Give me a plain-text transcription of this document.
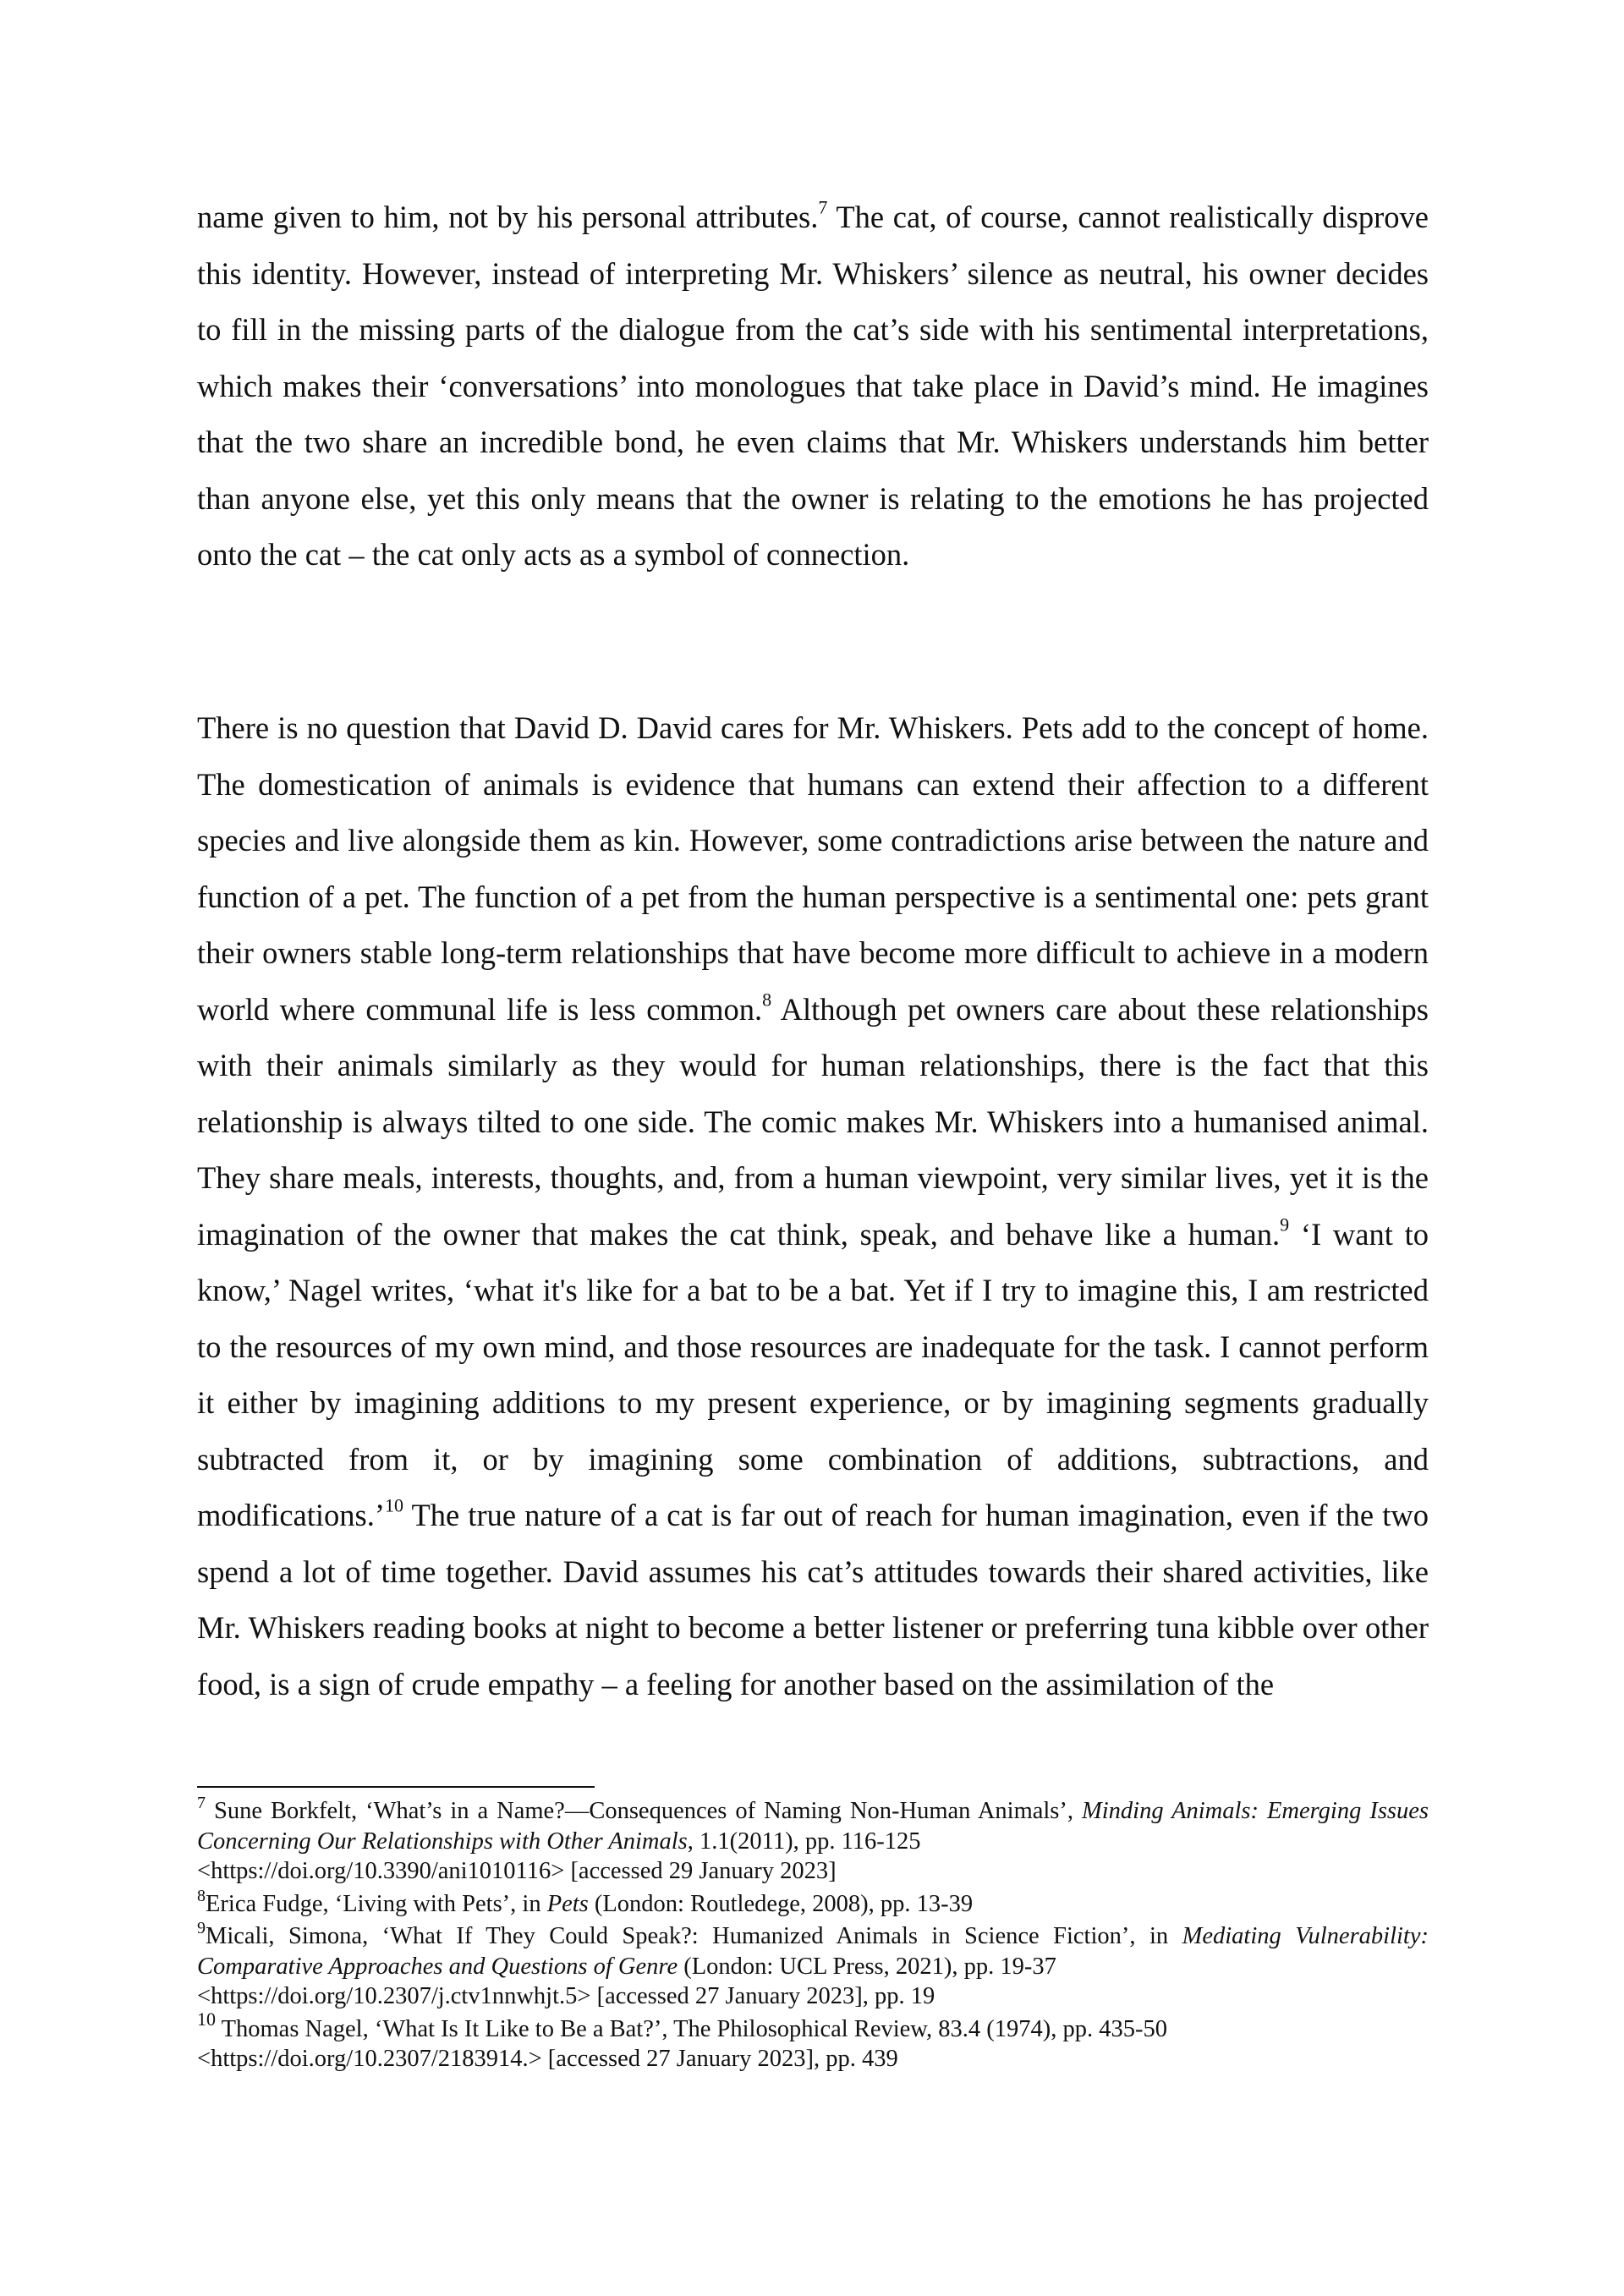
name given to him, not by his personal attributes.$^7$ The cat, of course, cannot realistically disprove this identity. However, instead of interpreting Mr. Whiskers’ silence as neutral, his owner decides to fill in the missing parts of the dialogue from the cat’s side with his sentimental interpretations, which makes their ‘conversations’ into monologues that take place in David’s mind. He imagines that the two share an incredible bond, he even claims that Mr. Whiskers understands him better than anyone else, yet this only means that the owner is relating to the emotions he has projected onto the cat – the cat only acts as a symbol of connection.

There is no question that David D. David cares for Mr. Whiskers. Pets add to the concept of home. The domestication of animals is evidence that humans can extend their affection to a different species and live alongside them as kin. However, some contradictions arise between the nature and function of a pet. The function of a pet from the human perspective is a sentimental one: pets grant their owners stable long-term relationships that have become more difficult to achieve in a modern world where communal life is less common.$^8$ Although pet owners care about these relationships with their animals similarly as they would for human relationships, there is the fact that this relationship is always tilted to one side. The comic makes Mr. Whiskers into a humanised animal. They share meals, interests, thoughts, and, from a human viewpoint, very similar lives, yet it is the imagination of the owner that makes the cat think, speak, and behave like a human.$^9$ ‘I want to know,’ Nagel writes, ‘what it's like for a bat to be a bat. Yet if I try to imagine this, I am restricted to the resources of my own mind, and those resources are inadequate for the task. I cannot perform it either by imagining additions to my present experience, or by imagining segments gradually subtracted from it, or by imagining some combination of additions, subtractions, and modifications.’$^{10}$ The true nature of a cat is far out of reach for human imagination, even if the two spend a lot of time together. David assumes his cat’s attitudes towards their shared activities, like Mr. Whiskers reading books at night to become a better listener or preferring tuna kibble over other food, is a sign of crude empathy – a feeling for another based on the assimilation of the

$^7$ Sune Borkfelt, ‘What’s in a Name?—Consequences of Naming Non-Human Animals’, Minding Animals: Emerging Issues Concerning Our Relationships with Other Animals, 1.1(2011), pp. 116-125
<https://doi.org/10.3390/ani1010116> [accessed 29 January 2023]

$^8$Erica Fudge, ‘Living with Pets’, in Pets (London: Routledege, 2008), pp. 13-39

$^9$Micali, Simona, ‘What If They Could Speak?: Humanized Animals in Science Fiction’, in Mediating Vulnerability: Comparative Approaches and Questions of Genre (London: UCL Press, 2021), pp. 19-37
<https://doi.org/10.2307/j.ctv1nnwhjt.5> [accessed 27 January 2023], pp. 19

$^{10}$ Thomas Nagel, ‘What Is It Like to Be a Bat?’, The Philosophical Review, 83.4 (1974), pp. 435-50
<https://doi.org/10.2307/2183914.> [accessed 27 January 2023], pp. 439
